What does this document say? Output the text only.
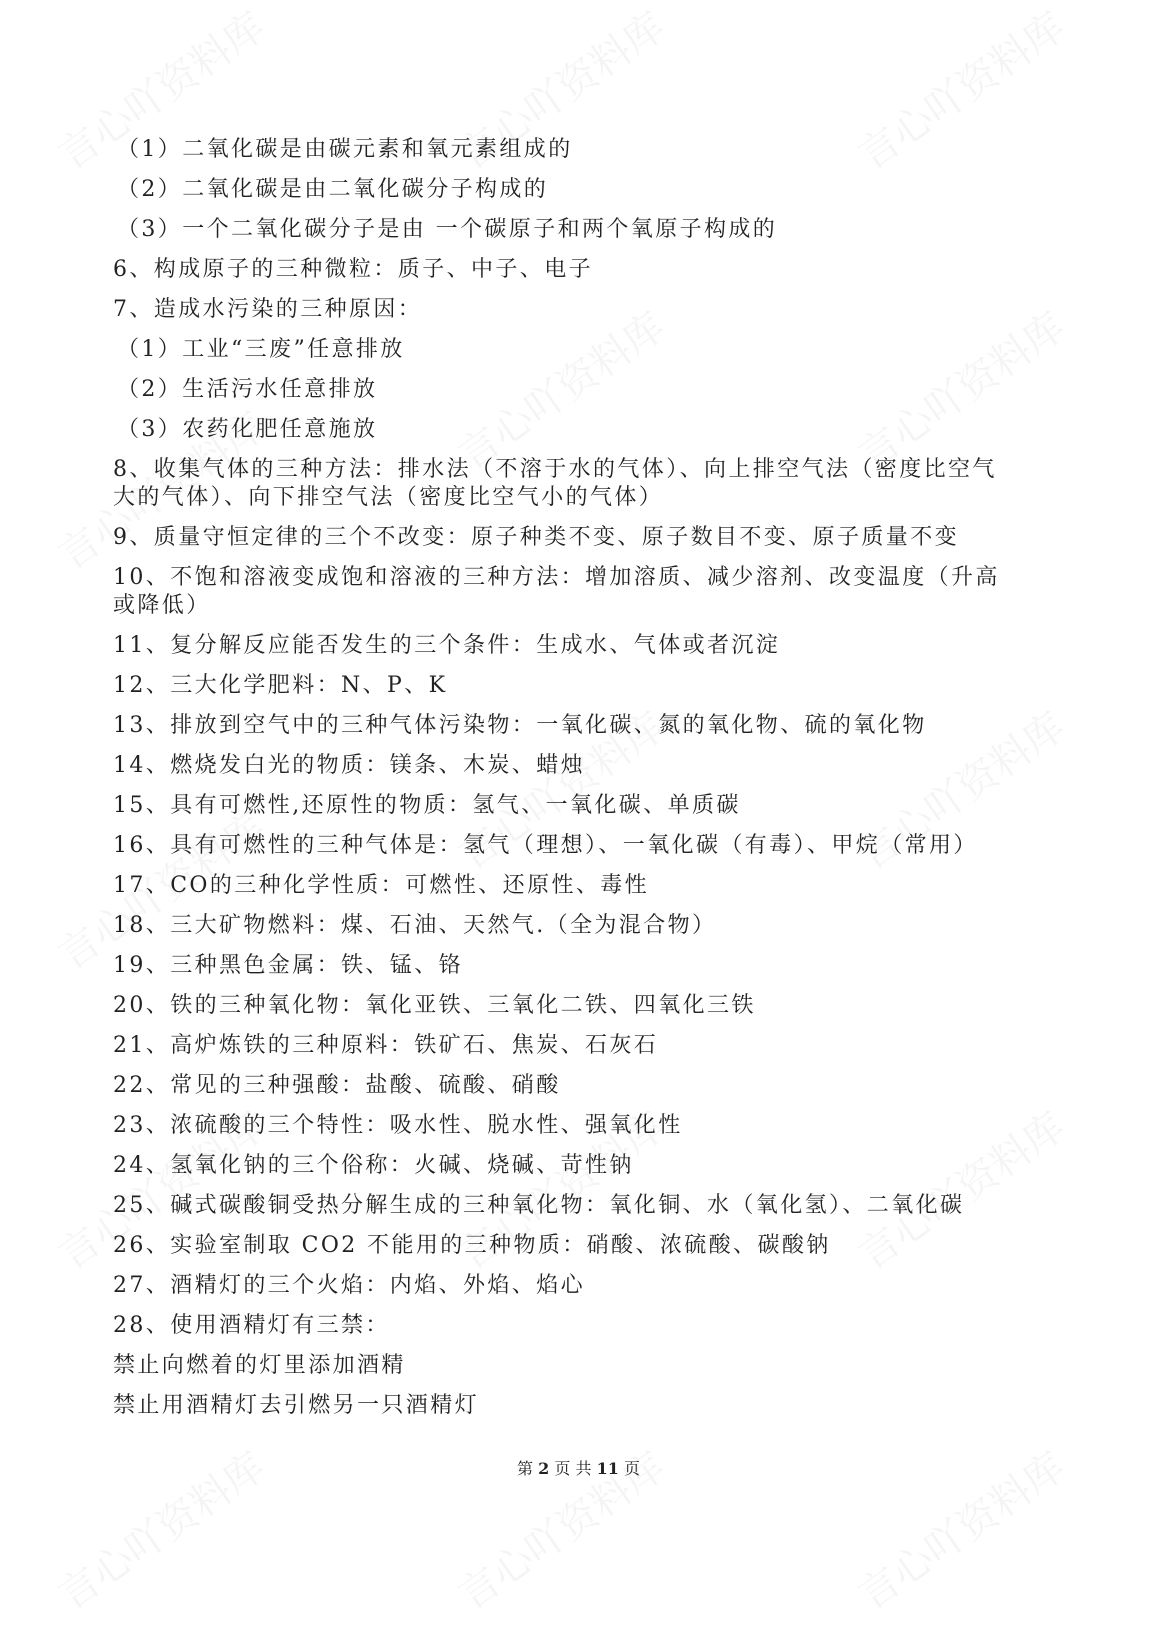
（1）二氧化碳是由碳元素和氧元素组成的

（2）二氧化碳是由二氧化碳分子构成的

（3）一个二氧化碳分子是由 一个碳原子和两个氧原子构成的

6、构成原子的三种微粒：质子、中子、电子

7、造成水污染的三种原因：

（1）工业“三废”任意排放

（2）生活污水任意排放

（3）农药化肥任意施放

8、收集气体的三种方法：排水法（不溶于水的气体）、向上排空气法（密度比空气大的气体）、向下排空气法（密度比空气小的气体）

9、质量守恒定律的三个不改变：原子种类不变、原子数目不变、原子质量不变

10、不饱和溶液变成饱和溶液的三种方法：增加溶质、减少溶剂、改变温度（升高或降低）

11、复分解反应能否发生的三个条件：生成水、气体或者沉淀

12、三大化学肥料：N、P、K

13、排放到空气中的三种气体污染物：一氧化碳、氮的氧化物、硫的氧化物

14、燃烧发白光的物质：镁条、木炭、蜡烛

15、具有可燃性,还原性的物质：氢气、一氧化碳、单质碳

16、具有可燃性的三种气体是：氢气（理想）、一氧化碳（有毒）、甲烷（常用）

17、CO的三种化学性质：可燃性、还原性、毒性

18、三大矿物燃料：煤、石油、天然气.（全为混合物）

19、三种黑色金属：铁、锰、铬

20、铁的三种氧化物：氧化亚铁、三氧化二铁、四氧化三铁

21、高炉炼铁的三种原料：铁矿石、焦炭、石灰石

22、常见的三种强酸：盐酸、硫酸、硝酸

23、浓硫酸的三个特性：吸水性、脱水性、强氧化性

24、氢氧化钠的三个俗称：火碱、烧碱、苛性钠

25、碱式碳酸铜受热分解生成的三种氧化物：氧化铜、水（氧化氢）、二氧化碳

26、实验室制取 CO2 不能用的三种物质：硝酸、浓硫酸、碳酸钠

27、酒精灯的三个火焰：内焰、外焰、焰心

28、使用酒精灯有三禁：

禁止向燃着的灯里添加酒精

禁止用酒精灯去引燃另一只酒精灯

第 2 页 共 11 页
